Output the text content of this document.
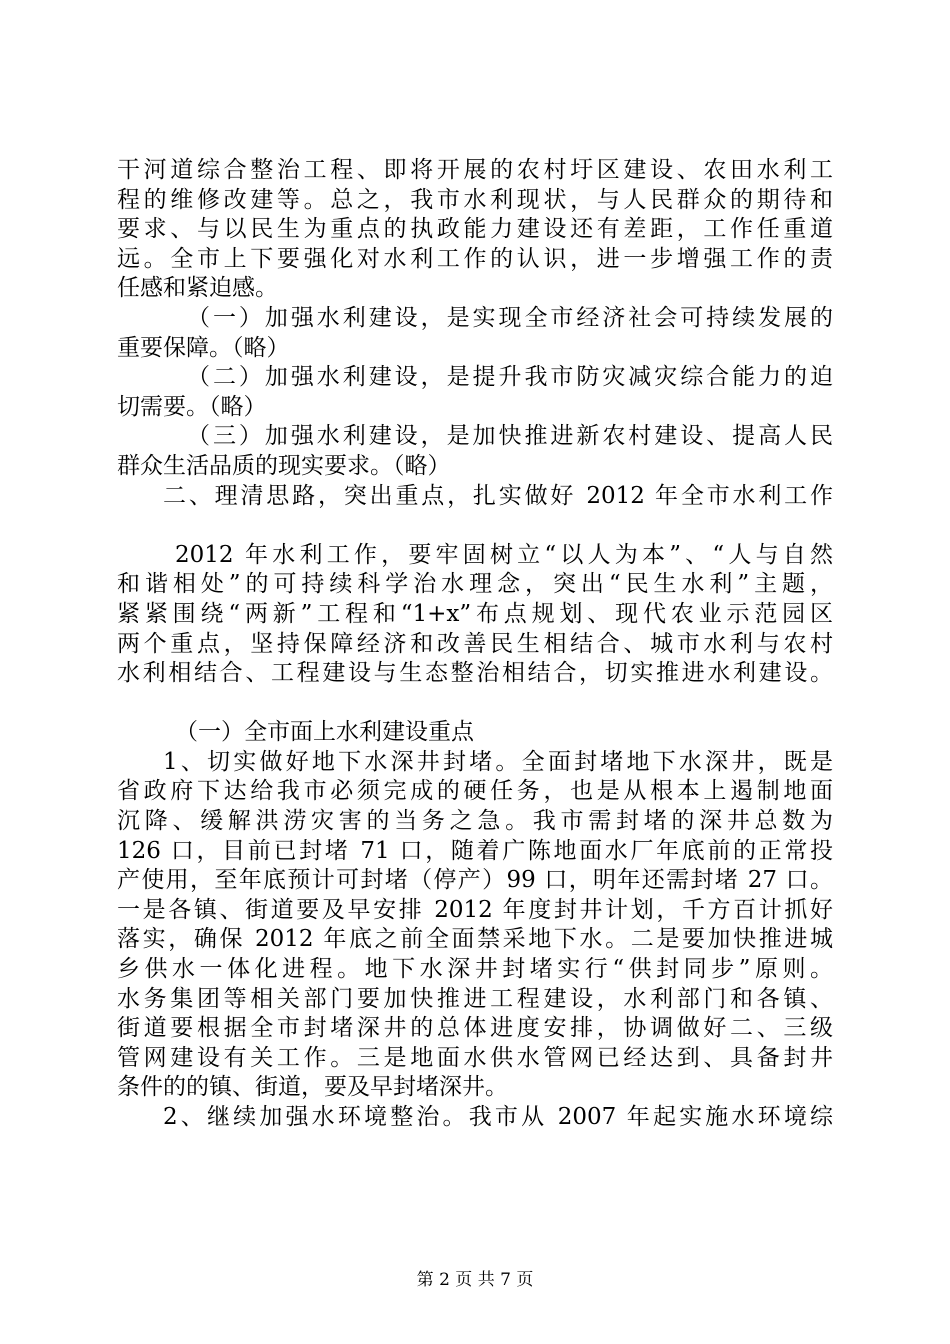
干河道综合整治工程、即将开展的农村圩区建设、农田水利工
程的维修改建等。总之，我市水利现状，与人民群众的期待和
要求、与以民生为重点的执政能力建设还有差距，工作任重道
远。全市上下要强化对水利工作的认识，进一步增强工作的责
任感和紧迫感。
（一）加强水利建设，是实现全市经济社会可持续发展的
重要保障。（略）
（二）加强水利建设，是提升我市防灾减灾综合能力的迫
切需要。（略）
（三）加强水利建设，是加快推进新农村建设、提高人民
群众生活品质的现实要求。（略）
二、理清思路，突出重点，扎实做好 2012 年全市水利工作
2012 年水利工作，要牢固树立“以人为本”、“人与自然
和谐相处”的可持续科学治水理念，突出“民生水利”主题，
紧紧围绕“两新”工程和“1+x”布点规划、现代农业示范园区
两个重点，坚持保障经济和改善民生相结合、城市水利与农村
水利相结合、工程建设与生态整治相结合，切实推进水利建设。
（一）全市面上水利建设重点
1、切实做好地下水深井封堵。全面封堵地下水深井，既是
省政府下达给我市必须完成的硬任务，也是从根本上遏制地面
沉降、缓解洪涝灾害的当务之急。我市需封堵的深井总数为
126 口，目前已封堵 71 口，随着广陈地面水厂年底前的正常投
产使用，至年底预计可封堵（停产）99 口，明年还需封堵 27 口。
一是各镇、街道要及早安排 2012 年度封井计划，千方百计抓好
落实，确保 2012 年底之前全面禁采地下水。二是要加快推进城
乡供水一体化进程。地下水深井封堵实行“供封同步”原则。
水务集团等相关部门要加快推进工程建设，水利部门和各镇、
街道要根据全市封堵深井的总体进度安排，协调做好二、三级
管网建设有关工作。三是地面水供水管网已经达到、具备封井
条件的的镇、街道，要及早封堵深井。
2、继续加强水环境整治。我市从 2007 年起实施水环境综
第 2 页 共 7 页
